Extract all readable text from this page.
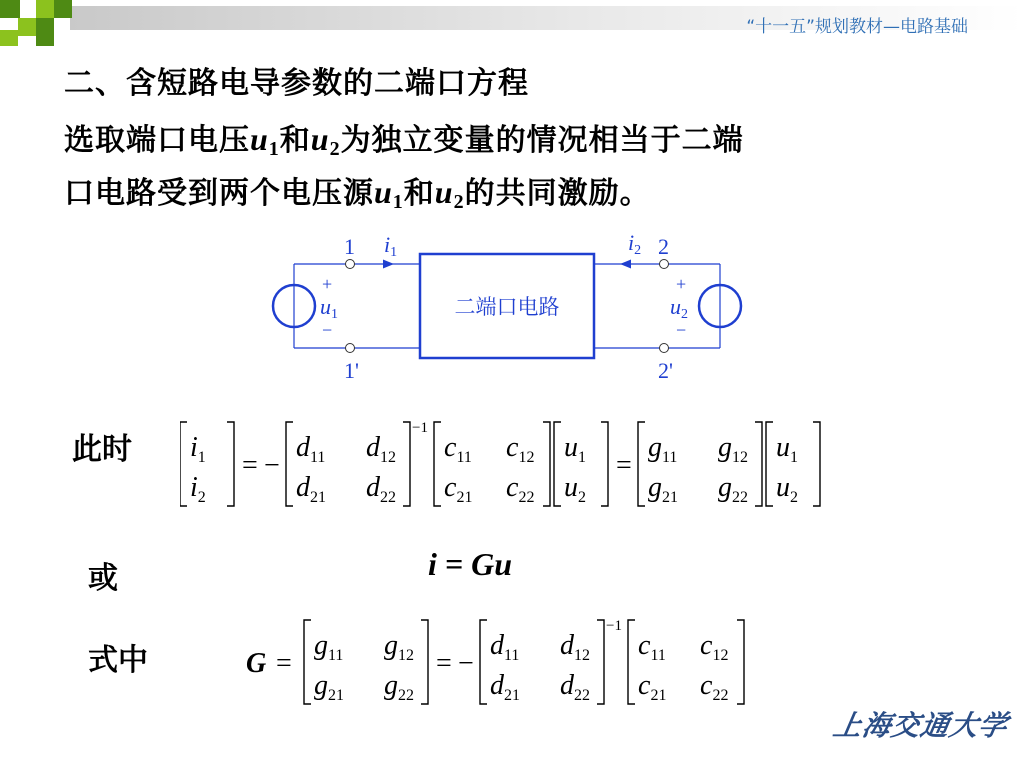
“十一五”规划教材—电路基础
二、含短路电导参数的二端口方程
选取端口电压$u_1$和$u_2$为独立变量的情况相当于二端
口电路受到两个电压源$u_1$和$u_2$的共同激励。
二端口电路
1
1'
2
2'
i1	i2
+
−
u1
+
−
u2
此时
或
式中
$i_1$
$i_2$
= −
$d_{11}$ $d_{12}$
$d_{21}$ $d_{22}$
−1
$c_{11}$ $c_{12}$
$c_{21}$ $c_{22}$
$u_1$
$u_2$
=
$g_{11}$ $g_{12}$
$g_{21}$ $g_{22}$
$u_1$
$u_2$
i = Gu
G =
$g_{11}$ $g_{12}$
$g_{21}$ $g_{22}$
= −
$d_{11}$ $d_{12}$
$d_{21}$ $d_{22}$
−1
$c_{11}$ $c_{12}$
$c_{21}$ $c_{22}$
上海交通大学
